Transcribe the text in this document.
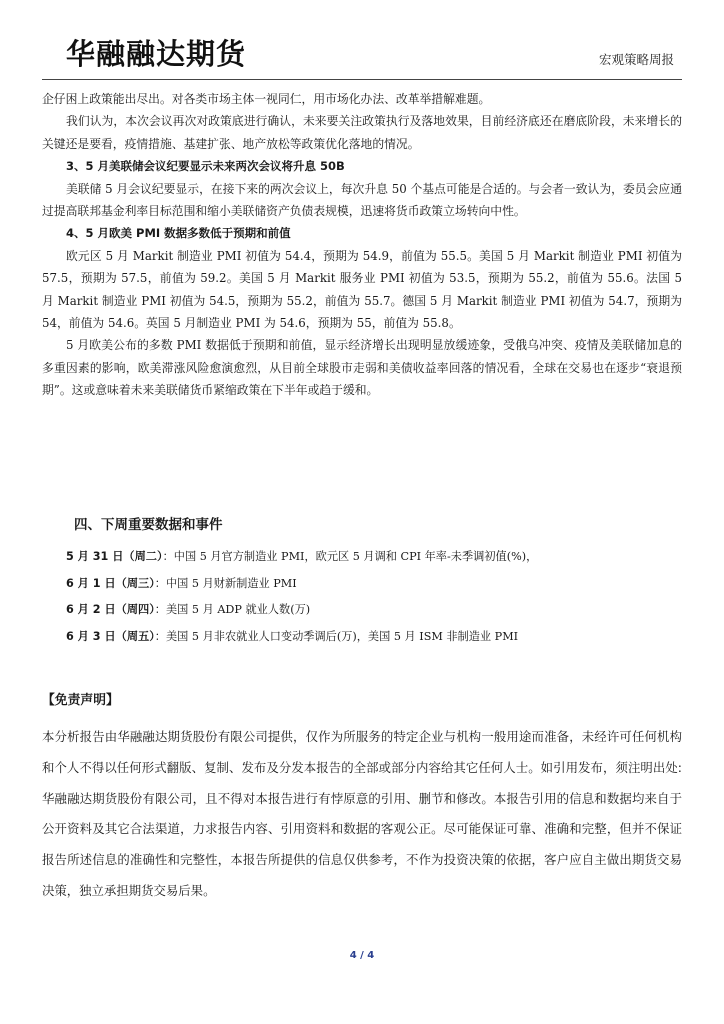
华融融达期货	宏观策略周报

企仔困上政策能出尽出。对各类市场主体一视同仁，用市场化办法、改革举措解难题。

我们认为，本次会议再次对政策底进行确认，未来要关注政策执行及落地效果，目前经济底还在磨底阶段，未来增长的关键还是要看，疫情措施、基建扩张、地产放松等政策优化落地的情况。

3、5 月美联储会议纪要显示未来两次会议将升息 50B

美联储 5 月会议纪要显示，在接下来的两次会议上，每次升息 50 个基点可能是合适的。与会者一致认为，委员会应通过提高联邦基金利率目标范围和缩小美联储资产负债表规模，迅速将货币政策立场转向中性。

4、5 月欧美 PMI 数据多数低于预期和前值

欧元区 5 月 Markit 制造业 PMI 初值为 54.4，预期为 54.9，前值为 55.5。美国 5 月 Markit 制造业 PMI 初值为 57.5，预期为 57.5，前值为 59.2。美国 5 月 Markit 服务业 PMI 初值为 53.5，预期为 55.2，前值为 55.6。法国 5 月 Markit 制造业 PMI 初值为 54.5，预期为 55.2，前值为 55.7。德国 5 月 Markit 制造业 PMI 初值为 54.7，预期为 54，前值为 54.6。英国 5 月制造业 PMI 为 54.6，预期为 55，前值为 55.8。

5 月欧美公布的多数 PMI 数据低于预期和前值，显示经济增长出现明显放缓迹象，受俄乌冲突、疫情及美联储加息的多重因素的影响，欧美滞涨风险愈演愈烈，从目前全球股市走弱和美债收益率回落的情况看，全球在交易也在逐步“衰退预期”。这或意味着未来美联储货币紧缩政策在下半年或趋于缓和。

四、下周重要数据和事件

5 月 31 日（周二）：中国 5 月官方制造业 PMI，欧元区 5 月调和 CPI 年率-未季调初值(%)，

6 月 1 日（周三）：中国 5 月财新制造业 PMI

6 月 2 日（周四）：美国 5 月 ADP 就业人数(万)

6 月 3 日（周五）：美国 5 月非农就业人口变动季调后(万)，美国 5 月 ISM 非制造业 PMI

【免责声明】

本分析报告由华融融达期货股份有限公司提供，仅作为所服务的特定企业与机构一般用途而准备，未经许可任何机构和个人不得以任何形式翻版、复制、发布及分发本报告的全部或部分内容给其它任何人士。如引用发布，须注明出处:华融融达期货股份有限公司，且不得对本报告进行有悖原意的引用、删节和修改。本报告引用的信息和数据均来自于公开资料及其它合法渠道，力求报告内容、引用资料和数据的客观公正。尽可能保证可靠、准确和完整，但并不保证报告所述信息的准确性和完整性，本报告所提供的信息仅供参考，不作为投资决策的依据，客户应自主做出期货交易决策，独立承担期货交易后果。

4 / 4
